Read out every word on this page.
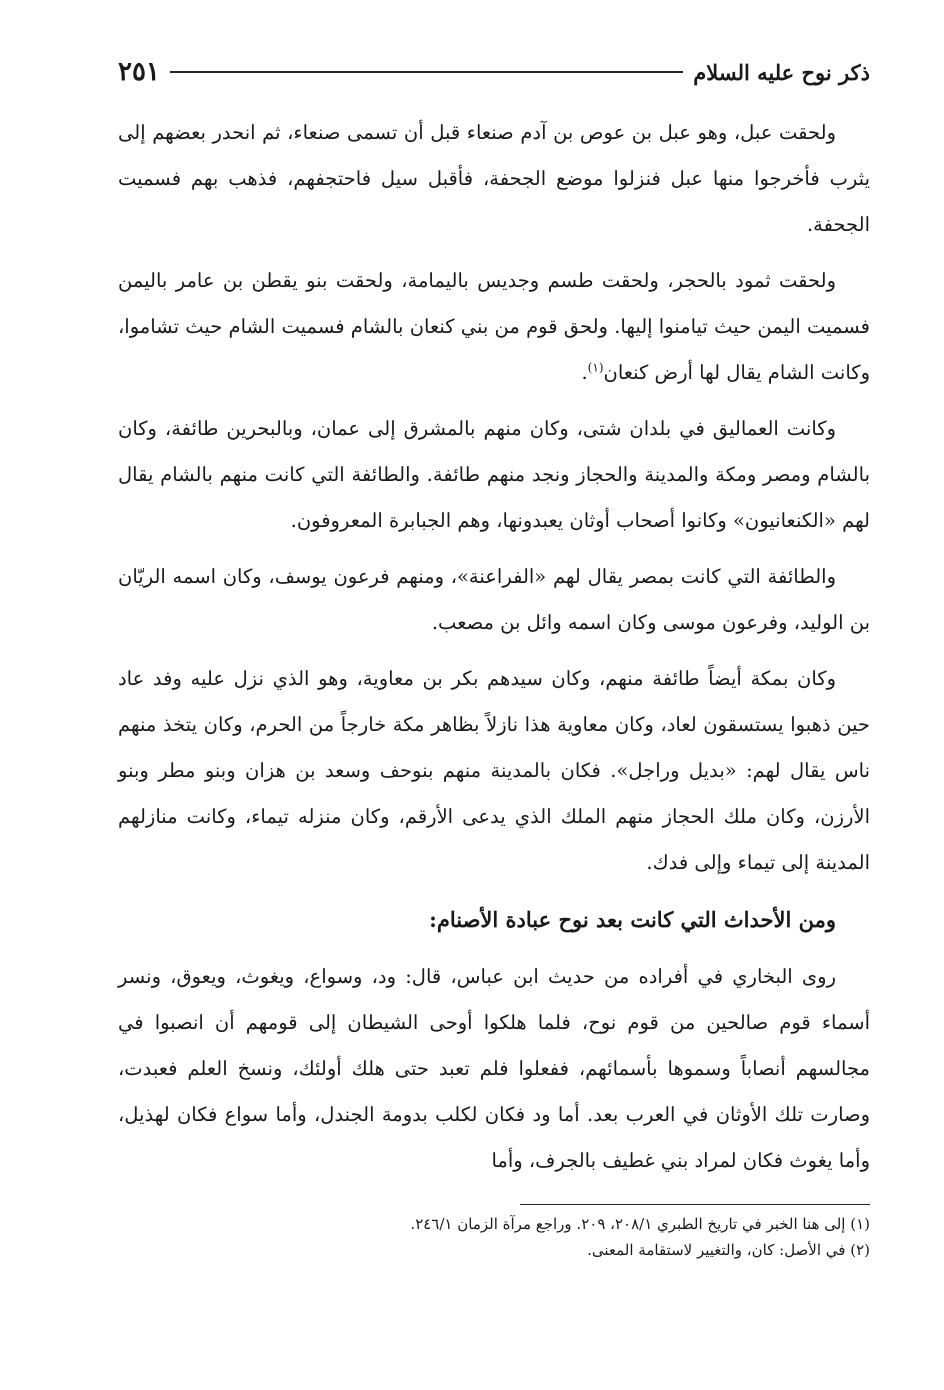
ذكر نوح عليه السلام
٢٥١

ولحقت عبل، وهو عبل بن عوص بن آدم صنعاء قبل أن تسمى صنعاء، ثم انحدر بعضهم إلى يثرب فأخرجوا منها عبل فنزلوا موضع الجحفة، فأقبل سيل فاحتجفهم، فذهب بهم فسميت الجحفة.

ولحقت ثمود بالحجر، ولحقت طسم وجديس باليمامة، ولحقت بنو يقطن بن عامر باليمن فسميت اليمن حيث تيامنوا إليها. ولحق قوم من بني كنعان بالشام فسميت الشام حيث تشاموا، وكانت الشام يقال لها أرض كنعان$^{(١)}$.

وكانت العماليق في بلدان شتى، وكان منهم بالمشرق إلى عمان، وبالبحرين طائفة، وكان بالشام ومصر ومكة والمدينة والحجاز ونجد منهم طائفة. والطائفة التي كانت منهم بالشام يقال لهم «الكنعانيون» وكانوا أصحاب أوثان يعبدونها، وهم الجبابرة المعروفون.

والطائفة التي كانت بمصر يقال لهم «الفراعنة»، ومنهم فرعون يوسف، وكان اسمه الريّان بن الوليد، وفرعون موسى وكان اسمه وائل بن مصعب.

وكان بمكة أيضاً طائفة منهم، وكان سيدهم بكر بن معاوية، وهو الذي نزل عليه وفد عاد حين ذهبوا يستسقون لعاد، وكان معاوية هذا نازلاً بظاهر مكة خارجاً من الحرم، وكان يتخذ منهم ناس يقال لهم: «بديل وراجل». فكان بالمدينة منهم بنوحف وسعد بن هزان وبنو مطر وبنو الأرزن، وكان ملك الحجاز منهم الملك الذي يدعى الأرقم، وكان منزله تيماء، وكانت منازلهم المدينة إلى تيماء وإلى فدك.

ومن الأحداث التي كانت بعد نوح عبادة الأصنام:

روى البخاري في أفراده من حديث ابن عباس، قال: ود، وسواع، ويغوث، ويعوق، ونسر أسماء قوم صالحين من قوم نوح، فلما هلكوا أوحى الشيطان إلى قومهم أن انصبوا في مجالسهم أنصاباً وسموها بأسمائهم، ففعلوا فلم تعبد حتى هلك أولئك، ونسخ العلم فعبدت، وصارت تلك الأوثان في العرب بعد. أما ود فكان لكلب بدومة الجندل، وأما سواع فكان لهذيل، وأما يغوث فكان لمراد بني غطيف بالجرف، وأما

(١) إلى هنا الخبر في تاريخ الطبري ٢٠٨/١، ٢٠٩. وراجع مرآة الزمان ٢٤٦/١.

(٢) في الأصل: كان، والتغيير لاستقامة المعنى.
